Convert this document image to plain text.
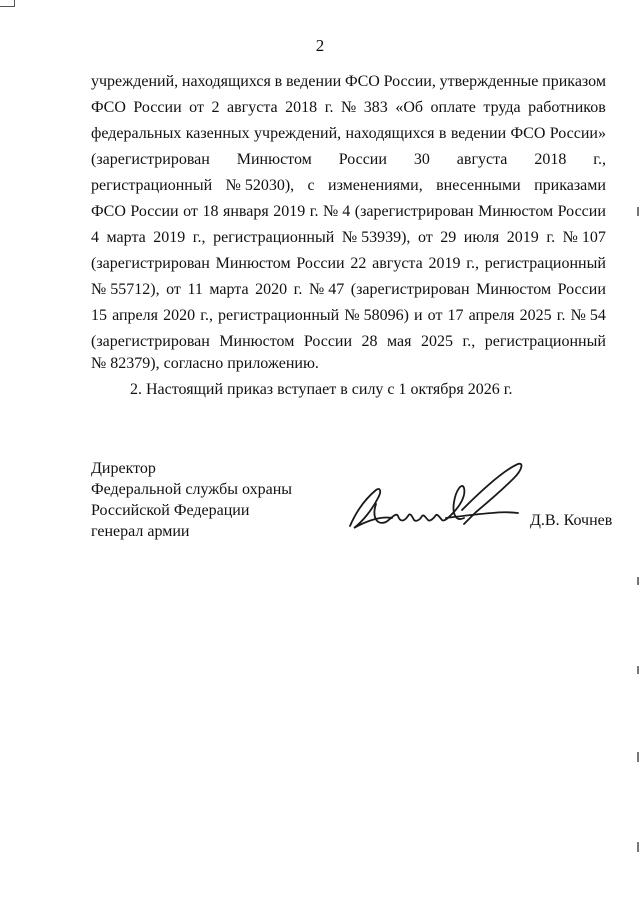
2
учреждений, находящихся в ведении ФСО России, утвержденные приказом
ФСО России от 2 августа 2018 г. № 383 «Об оплате труда работников
федеральных казенных учреждений, находящихся в ведении ФСО России»
(зарегистрирован Минюстом России 30 августа 2018 г.,
регистрационный № 52030), с изменениями, внесенными приказами
ФСО России от 18 января 2019 г. № 4 (зарегистрирован Минюстом России
4 марта 2019 г., регистрационный № 53939), от 29 июля 2019 г. № 107
(зарегистрирован Минюстом России 22 августа 2019 г., регистрационный
№ 55712), от 11 марта 2020 г. № 47 (зарегистрирован Минюстом России
15 апреля 2020 г., регистрационный № 58096) и от 17 апреля 2025 г. № 54
(зарегистрирован Минюстом России 28 мая 2025 г., регистрационный
№ 82379), согласно приложению.
2. Настоящий приказ вступает в силу с 1 октября 2026 г.
Директор
Федеральной службы охраны
Российской Федерации
генерал армии
Д.В. Кочнев
